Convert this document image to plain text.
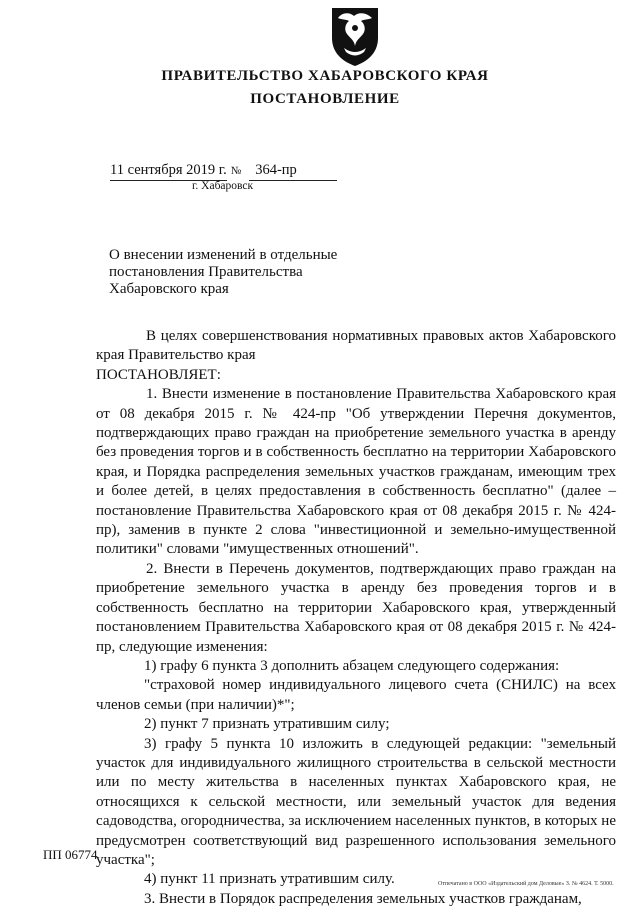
ПРАВИТЕЛЬСТВО ХАБАРОВСКОГО КРАЯ
ПОСТАНОВЛЕНИЕ
11 сентября 2019 г. № 364-пр
г. Хабаровск
О внесении изменений в отдельные постановления Правительства Хабаровского края

В целях совершенствования нормативных правовых актов Хабаровского края Правительство края

ПОСТАНОВЛЯЕТ:

1. Внести изменение в постановление Правительства Хабаровского края от 08 декабря 2015 г. № 424-пр "Об утверждении Перечня документов, подтверждающих право граждан на приобретение земельного участка в аренду без проведения торгов и в собственность бесплатно на территории Хабаровского края, и Порядка распределения земельных участков гражданам, имеющим трех и более детей, в целях предоставления в собственность бесплатно" (далее – постановление Правительства Хабаровского края от 08 декабря 2015 г. № 424-пр), заменив в пункте 2 слова "инвестиционной и земельно-имущественной политики" словами "имущественных отношений".

2. Внести в Перечень документов, подтверждающих право граждан на приобретение земельного участка в аренду без проведения торгов и в собственность бесплатно на территории Хабаровского края, утвержденный постановлением Правительства Хабаровского края от 08 декабря 2015 г. № 424-пр, следующие изменения:

1) графу 6 пункта 3 дополнить абзацем следующего содержания:

"страховой номер индивидуального лицевого счета (СНИЛС) на всех членов семьи (при наличии)*";

2) пункт 7 признать утратившим силу;

3) графу 5 пункта 10 изложить в следующей редакции: "земельный участок для индивидуального жилищного строительства в сельской местности или по месту жительства в населенных пунктах Хабаровского края, не относящихся к сельской местности, или земельный участок для ведения садоводства, огородничества, за исключением населенных пунктов, в которых не предусмотрен соответствующий вид разрешенного использования земельного участка";

4) пункт 11 признать утратившим силу.

3. Внести в Порядок распределения земельных участков гражданам,

ПП 06774
Отпечатано в ООО «Издательский дом Деловые» З. № 4624. Т. 5000.
